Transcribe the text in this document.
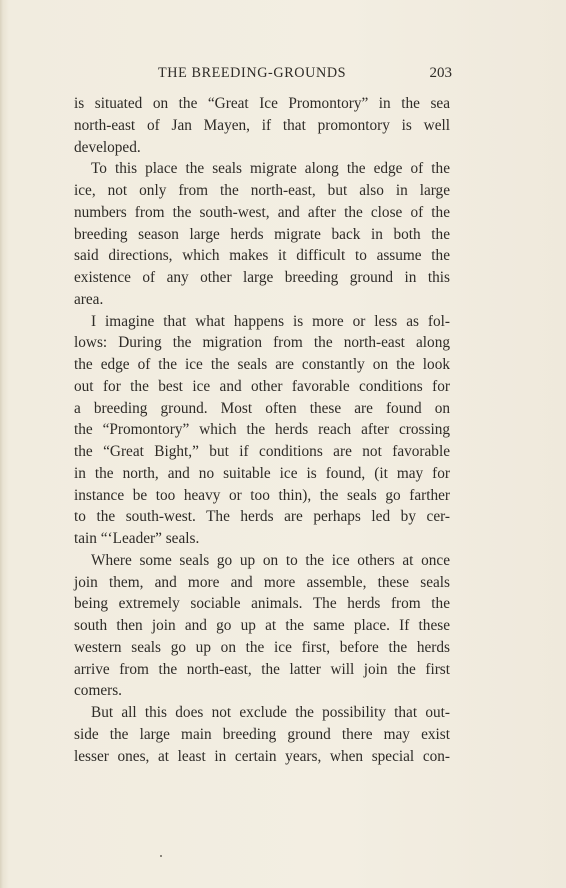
THE BREEDING-GROUNDS	203
is situated on the “Great Ice Promontory” in the sea
north-east of Jan Mayen, if that promontory is well
developed.
To this place the seals migrate along the edge of the
ice, not only from the north-east, but also in large
numbers from the south-west, and after the close of the
breeding season large herds migrate back in both the
said directions, which makes it difficult to assume the
existence of any other large breeding ground in this
area.
I imagine that what happens is more or less as fol-
lows: During the migration from the north-east along
the edge of the ice the seals are constantly on the look
out for the best ice and other favorable conditions for
a breeding ground. Most often these are found on
the “Promontory” which the herds reach after crossing
the “Great Bight,” but if conditions are not favorable
in the north, and no suitable ice is found, (it may for
instance be too heavy or too thin), the seals go farther
to the south-west. The herds are perhaps led by cer-
tain “‘Leader” seals.
Where some seals go up on to the ice others at once
join them, and more and more assemble, these seals
being extremely sociable animals. The herds from the
south then join and go up at the same place. If these
western seals go up on the ice first, before the herds
arrive from the north-east, the latter will join the first
comers.
But all this does not exclude the possibility that out-
side the large main breeding ground there may exist
lesser ones, at least in certain years, when special con-
